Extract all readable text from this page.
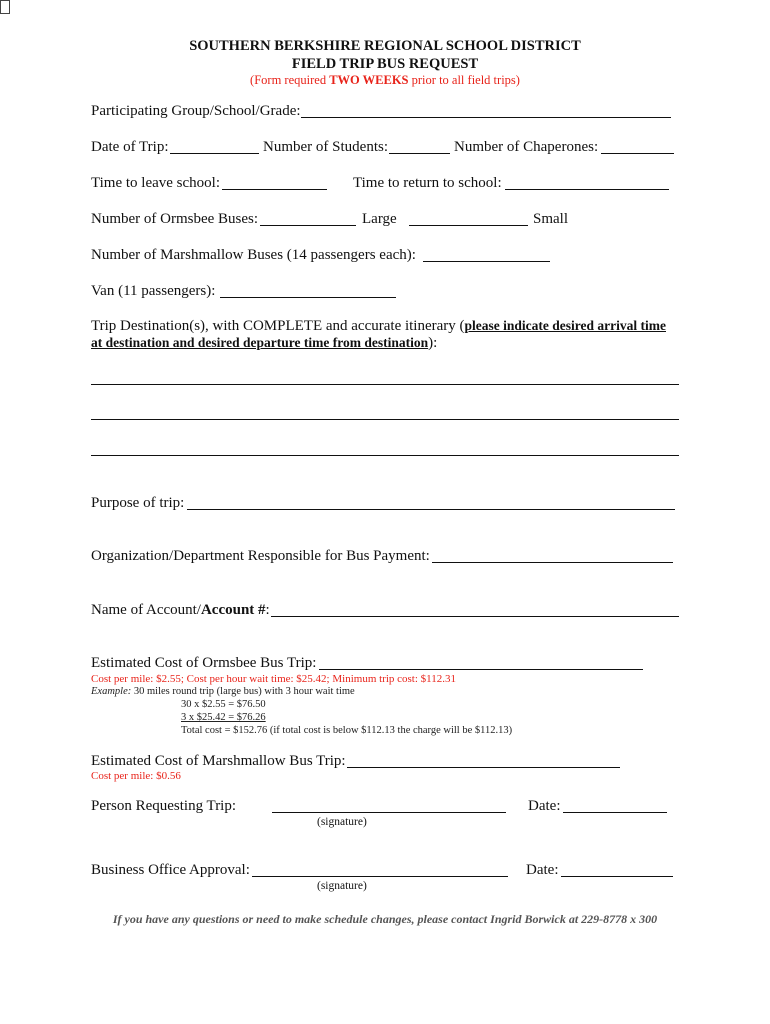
SOUTHERN BERKSHIRE REGIONAL SCHOOL DISTRICT
FIELD TRIP BUS REQUEST
(Form required TWO WEEKS prior to all field trips)
Participating Group/School/Grade:
Date of Trip:	Number of Students:	Number of Chaperones:
Time to leave school:	Time to return to school:
Number of Ormsbee Buses:	Large	Small
Number of Marshmallow Buses (14 passengers each):
Van (11 passengers):
Trip Destination(s), with COMPLETE and accurate itinerary (please indicate desired arrival time
at destination and desired departure time from destination):
Purpose of trip:
Organization/Department Responsible for Bus Payment:
Name of Account/Account #:
Estimated Cost of Ormsbee Bus Trip:
Cost per mile: $2.55; Cost per hour wait time: $25.42; Minimum trip cost: $112.31
Example: 30 miles round trip (large bus) with 3 hour wait time
30 x $2.55 = $76.50
3 x $25.42 = $76.26
Total cost = $152.76 (if total cost is below $112.13 the charge will be $112.13)
Estimated Cost of Marshmallow Bus Trip:
Cost per mile: $0.56
Person Requesting Trip:	Date:
(signature)
Business Office Approval:	Date:
(signature)
If you have any questions or need to make schedule changes, please contact Ingrid Borwick at 229-8778 x 300
